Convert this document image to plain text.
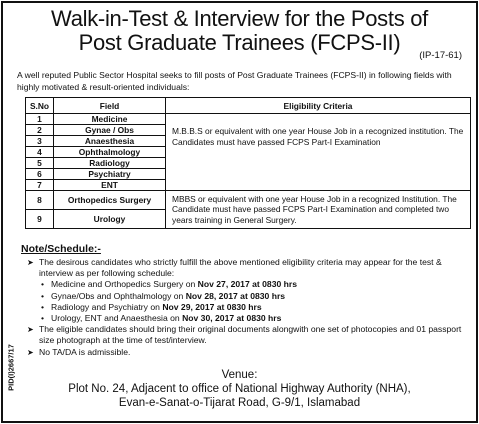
Walk-in-Test & Interview for the Posts of
Post Graduate Trainees (FCPS-II)
(IP-17-61)
A well reputed Public Sector Hospital seeks to fill posts of Post Graduate Trainees (FCPS-II) in following fields with highly motivated & result-oriented individuals:
S.No	Field	Eligibility Criteria
1	Medicine	M.B.B.S or equivalent with one year House Job in a recognized institution. The Candidates must have passed FCPS Part-I Examination
2	Gynae / Obs	
3	Anaesthesia	
4	Ophthalmology	
5	Radiology	
6	Psychiatry	
7	ENT	
8	Orthopedics Surgery	MBBS or equivalent with one year House Job in a recognized Institution. The Candidate must have passed FCPS Part-I Examination and completed two years training in General Surgery.
9	Urology	
Note/Schedule:-
➤ The desirous candidates who strictly fulfill the above mentioned eligibility criteria may appear for the test & interview as per following schedule:
• Medicine and Orthopedics Surgery on Nov 27, 2017 at 0830 hrs
• Gynae/Obs and Ophthalmology on Nov 28, 2017 at 0830 hrs
• Radiology and Psychiatry on Nov 29, 2017 at 0830 hrs
• Urology, ENT and Anaesthesia on Nov 30, 2017 at 0830 hrs
➤ The eligible candidates should bring their original documents alongwith one set of photocopies and 01 passport size photograph at the time of test/interview.
➤ No TA/DA is admissible.
Venue:
Plot No. 24, Adjacent to office of National Highway Authority (NHA),
Evan-e-Sanat-o-Tijarat Road, G-9/1, Islamabad
PID(I)2667/17
